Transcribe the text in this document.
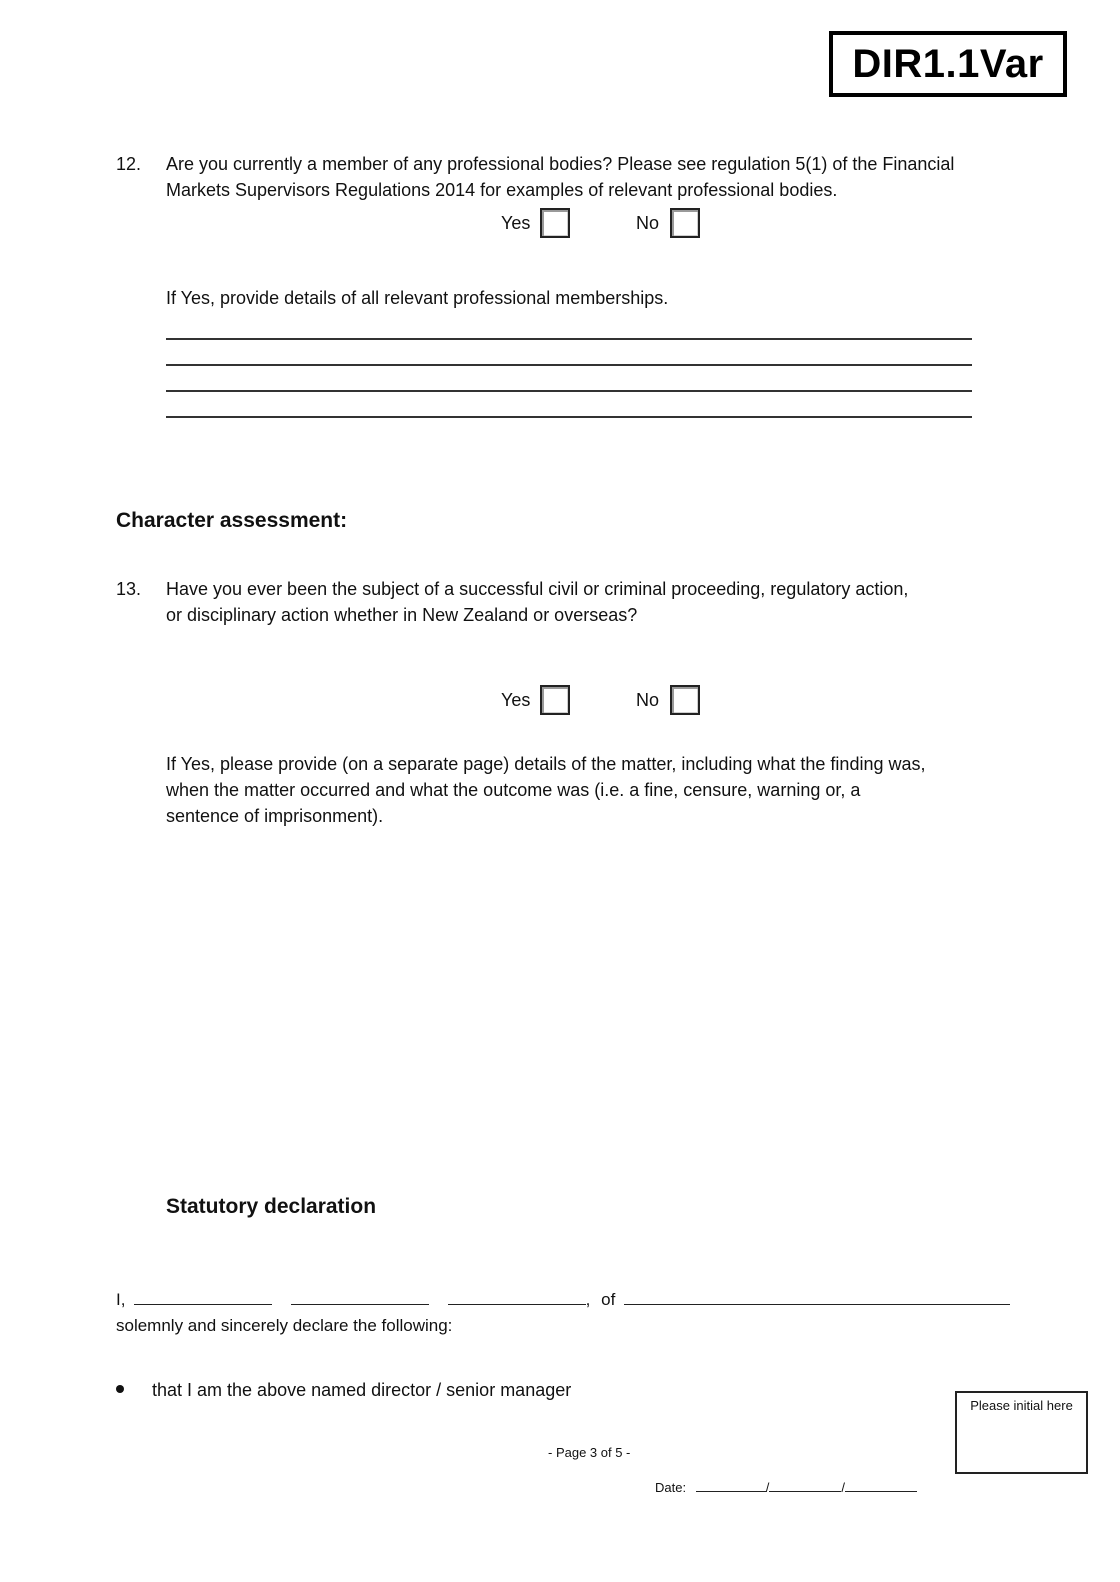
DIR1.1Var
12. Are you currently a member of any professional bodies? Please see regulation 5(1) of the Financial
Markets Supervisors Regulations 2014 for examples of relevant professional bodies.
Yes	No
If Yes, provide details of all relevant professional memberships.
Character assessment:
13. Have you ever been the subject of a successful civil or criminal proceeding, regulatory action,
or disciplinary action whether in New Zealand or overseas?
Yes	No
If Yes, please provide (on a separate page) details of the matter, including what the finding was,
when the matter occurred and what the outcome was (i.e. a fine, censure, warning or, a
sentence of imprisonment).
Statutory declaration
I,	, of
solemnly and sincerely declare the following:
that I am the above named director / senior manager
Please initial here
- Page 3 of 5 -
Date:	/	/
